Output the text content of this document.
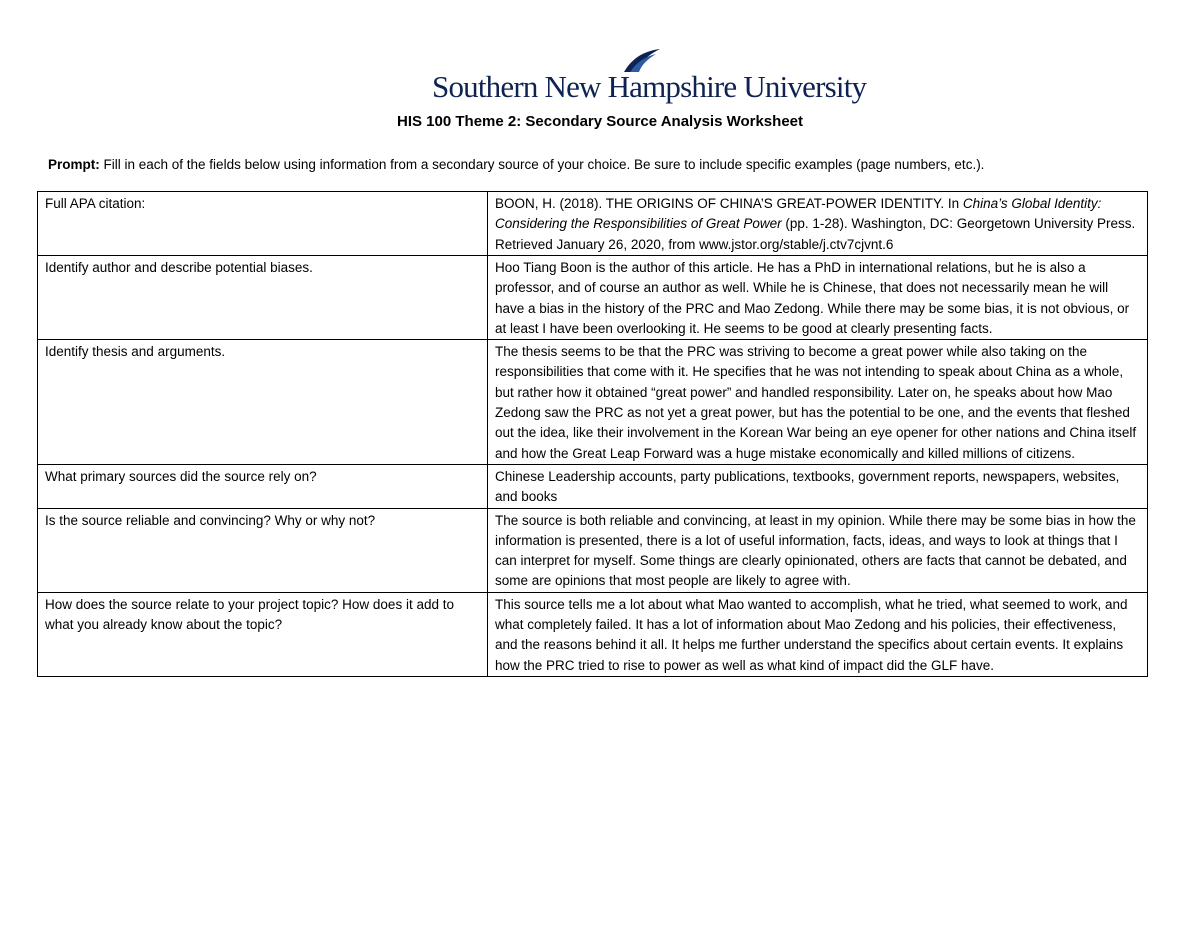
Southern New Hampshire University
HIS 100 Theme 2: Secondary Source Analysis Worksheet
Prompt: Fill in each of the fields below using information from a secondary source of your choice. Be sure to include specific examples (page numbers, etc.).
Full APA citation:	BOON, H. (2018). THE ORIGINS OF CHINA’S GREAT-POWER IDENTITY. In China’s Global Identity: Considering the Responsibilities of Great Power (pp. 1-28). Washington, DC: Georgetown University Press. Retrieved January 26, 2020, from www.jstor.org/stable/j.ctv7cjvnt.6
Identify author and describe potential biases.	Hoo Tiang Boon is the author of this article. He has a PhD in international relations, but he is also a professor, and of course an author as well. While he is Chinese, that does not necessarily mean he will have a bias in the history of the PRC and Mao Zedong. While there may be some bias, it is not obvious, or at least I have been overlooking it. He seems to be good at clearly presenting facts.
Identify thesis and arguments.	The thesis seems to be that the PRC was striving to become a great power while also taking on the responsibilities that come with it. He specifies that he was not intending to speak about China as a whole, but rather how it obtained “great power” and handled responsibility. Later on, he speaks about how Mao Zedong saw the PRC as not yet a great power, but has the potential to be one, and the events that fleshed out the idea, like their involvement in the Korean War being an eye opener for other nations and China itself and how the Great Leap Forward was a huge mistake economically and killed millions of citizens.
What primary sources did the source rely on?	Chinese Leadership accounts, party publications, textbooks, government reports, newspapers, websites, and books
Is the source reliable and convincing? Why or why not?	The source is both reliable and convincing, at least in my opinion. While there may be some bias in how the information is presented, there is a lot of useful information, facts, ideas, and ways to look at things that I can interpret for myself. Some things are clearly opinionated, others are facts that cannot be debated, and some are opinions that most people are likely to agree with.
How does the source relate to your project topic? How does it add to what you already know about the topic?	This source tells me a lot about what Mao wanted to accomplish, what he tried, what seemed to work, and what completely failed. It has a lot of information about Mao Zedong and his policies, their effectiveness, and the reasons behind it all. It helps me further understand the specifics about certain events. It explains how the PRC tried to rise to power as well as what kind of impact did the GLF have.
